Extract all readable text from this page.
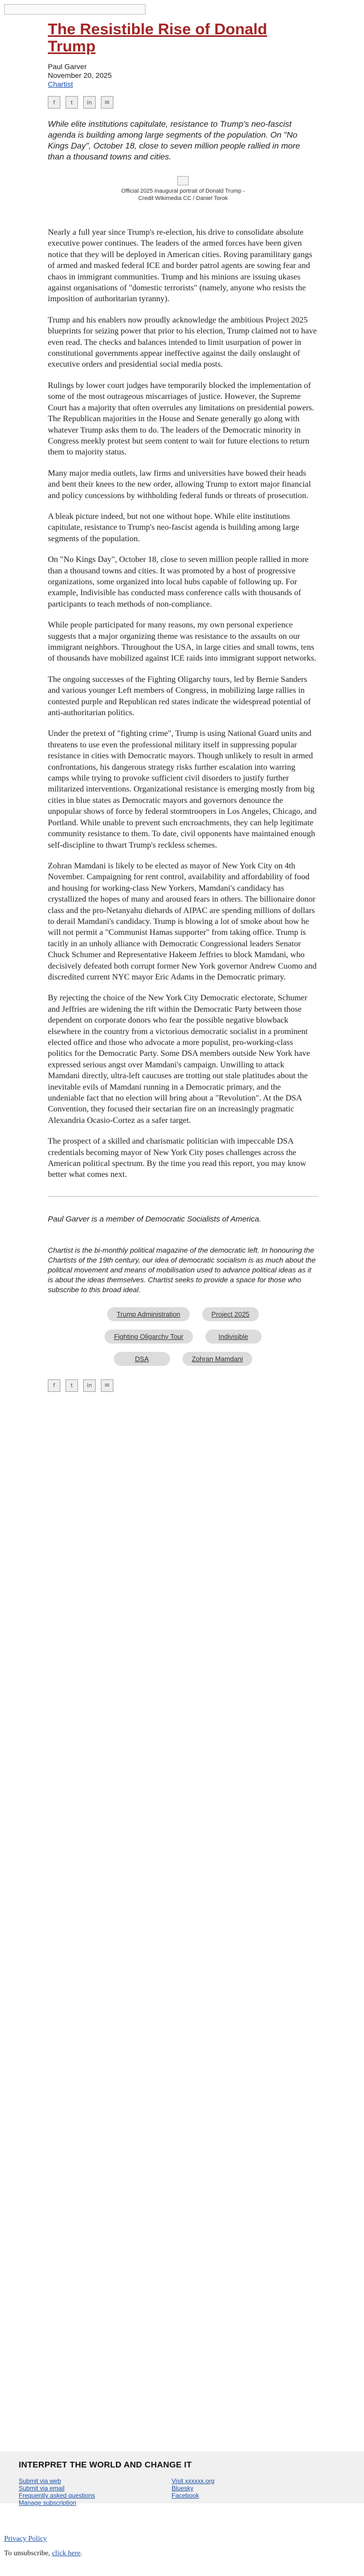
The Resistible Rise of Donald Trump
Paul Garver
November 20, 2025
Chartist
f	t	in	✉

While elite institutions capitulate, resistance to Trump's neo-fascist agenda is building among large segments of the population. On "No Kings Day", October 18, close to seven million people rallied in more than a thousand towns and cities.

Official 2025 inaugural portrait of Donald Trump -
Credit Wikimedia CC / Daniel Torok

Nearly a full year since Trump's re-election, his drive to consolidate absolute executive power continues. The leaders of the armed forces have been given notice that they will be deployed in American cities. Roving paramilitary gangs of armed and masked federal ICE and border patrol agents are sowing fear and chaos in immigrant communities. Trump and his minions are issuing ukases against organisations of "domestic terrorists" (namely, anyone who resists the imposition of authoritarian tyranny).

Trump and his enablers now proudly acknowledge the ambitious Project 2025 blueprints for seizing power that prior to his election, Trump claimed not to have even read. The checks and balances intended to limit usurpation of power in constitutional governments appear ineffective against the daily onslaught of executive orders and presidential social media posts.

Rulings by lower court judges have temporarily blocked the implementation of some of the most outrageous miscarriages of justice. However, the Supreme Court has a majority that often overrules any limitations on presidential powers. The Republican majorities in the House and Senate generally go along with whatever Trump asks them to do. The leaders of the Democratic minority in Congress meekly protest but seem content to wait for future elections to return them to majority status.

Many major media outlets, law firms and universities have bowed their heads and bent their knees to the new order, allowing Trump to extort major financial and policy concessions by withholding federal funds or threats of prosecution.

A bleak picture indeed, but not one without hope. While elite institutions capitulate, resistance to Trump's neo-fascist agenda is building among large segments of the population.

On "No Kings Day", October 18, close to seven million people rallied in more than a thousand towns and cities. It was promoted by a host of progressive organizations, some organized into local hubs capable of following up. For example, Indivisible has conducted mass conference calls with thousands of participants to teach methods of non-compliance.

While people participated for many reasons, my own personal experience suggests that a major organizing theme was resistance to the assaults on our immigrant neighbors. Throughout the USA, in large cities and small towns, tens of thousands have mobilized against ICE raids into immigrant support networks.

The ongoing successes of the Fighting Oligarchy tours, led by Bernie Sanders and various younger Left members of Congress, in mobilizing large rallies in contested purple and Republican red states indicate the widespread potential of anti-authoritarian politics.

Under the pretext of "fighting crime", Trump is using National Guard units and threatens to use even the professional military itself in suppressing popular resistance in cities with Democratic mayors. Though unlikely to result in armed confrontations, his dangerous strategy risks further escalation into warring camps while trying to provoke sufficient civil disorders to justify further militarized interventions. Organizational resistance is emerging mostly from big cities in blue states as Democratic mayors and governors denounce the unpopular shows of force by federal stormtroopers in Los Angeles, Chicago, and Portland. While unable to prevent such encroachments, they can help legitimate community resistance to them. To date, civil opponents have maintained enough self-discipline to thwart Trump's reckless schemes.

Zohran Mamdani is likely to be elected as mayor of New York City on 4th November. Campaigning for rent control, availability and affordability of food and housing for working-class New Yorkers, Mamdani's candidacy has crystallized the hopes of many and aroused fears in others. The billionaire donor class and the pro-Netanyahu diehards of AIPAC are spending millions of dollars to derail Mamdani's candidacy. Trump is blowing a lot of smoke about how he will not permit a "Communist Hamas supporter" from taking office. Trump is tacitly in an unholy alliance with Democratic Congressional leaders Senator Chuck Schumer and Representative Hakeem Jeffries to block Mamdani, who decisively defeated both corrupt former New York governor Andrew Cuomo and discredited current NYC mayor Eric Adams in the Democratic primary.

By rejecting the choice of the New York City Democratic electorate, Schumer and Jeffries are widening the rift within the Democratic Party between those dependent on corporate donors who fear the possible negative blowback elsewhere in the country from a victorious democratic socialist in a prominent elected office and those who advocate a more populist, pro-working-class politics for the Democratic Party. Some DSA members outside New York have expressed serious angst over Mamdani's campaign. Unwilling to attack Mamdani directly, ultra-left caucuses are trotting out stale platitudes about the inevitable evils of Mamdani running in a Democratic primary, and the undeniable fact that no election will bring about a "Revolution". At the DSA Convention, they focused their sectarian fire on an increasingly pragmatic Alexandria Ocasio-Cortez as a safer target.

The prospect of a skilled and charismatic politician with impeccable DSA credentials becoming mayor of New York City poses challenges across the American political spectrum. By the time you read this report, you may know better what comes next.

Paul Garver is a member of Democratic Socialists of America.

Chartist is the bi-monthly political magazine of the democratic left. In honouring the Chartists of the 19th century, our idea of democratic socialism is as much about the political movement and means of mobilisation used to advance political ideas as it is about the ideas themselves. Chartist seeks to provide a space for those who subscribe to this broad ideal.

Trump Administration	Project 2025
Fighting Oligarchy Tour	Indivisible
DSA	Zohran Mamdani
f	t	in	✉
INTERPRET THE WORLD AND CHANGE IT
Submit via web
Submit via email
Frequently asked questions
Manage subscription
Visit xxxxxx.org
Bluesky
Facebook
Privacy Policy
To unsubscribe, click here.
